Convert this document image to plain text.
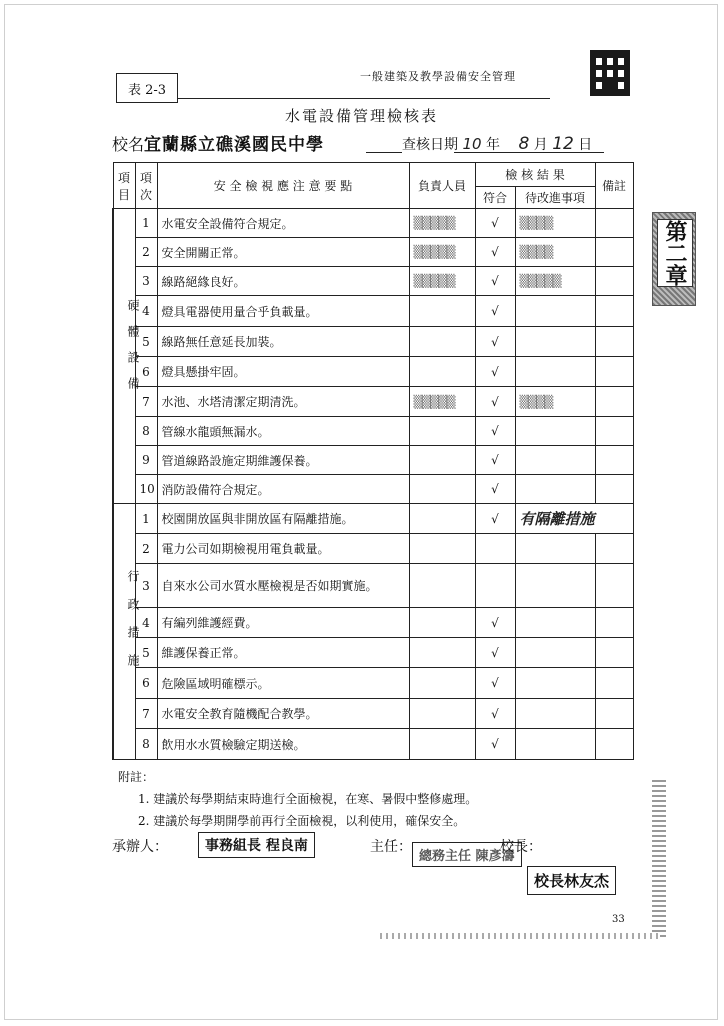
表 2-3
一般建築及教學設備安全管理
第二章
水電設備管理檢核表
校名宜蘭縣立礁溪國民中學	查核日期 10 年 8 月 12 日
項目	項次	安 全 檢 視 應 注 意 要 點	負責人員	檢 核 結 果		備註
				符合	待改進事項	
硬體設備	1	水電安全設備符合規定。	▒▒▒▒▒	√	▒▒▒▒	
	2	安全開關正常。	▒▒▒▒▒	√	▒▒▒▒	
	3	線路絕緣良好。	▒▒▒▒▒	√	▒▒▒▒▒	
	4	燈具電器使用量合乎負載量。		√		
	5	線路無任意延長加裝。		√		
	6	燈具懸掛牢固。		√		
	7	水池、水塔清潔定期清洗。	▒▒▒▒▒	√	▒▒▒▒	
	8	管線水龍頭無漏水。		√		
	9	管道線路設施定期維護保養。		√		
	10	消防設備符合規定。		√		
行政措施	1	校園開放區與非開放區有隔離措施。		√	有隔離措施	
	2	電力公司如期檢視用電負載量。				
	3	自來水公司水質水壓檢視是否如期實施。				
	4	有編列維護經費。		√		
	5	維護保養正常。		√		
	6	危險區域明確標示。		√		
	7	水電安全教育隨機配合教學。		√		
	8	飲用水水質檢驗定期送檢。		√		
附註：
1. 建議於每學期結束時進行全面檢視，在寒、暑假中整修處理。
2. 建議於每學期開學前再行全面檢視，以利使用，確保安全。
承辦人：	事務組長 程良南	主任：
總務主任 陳彥濤
校長：
校長林友杰
33
